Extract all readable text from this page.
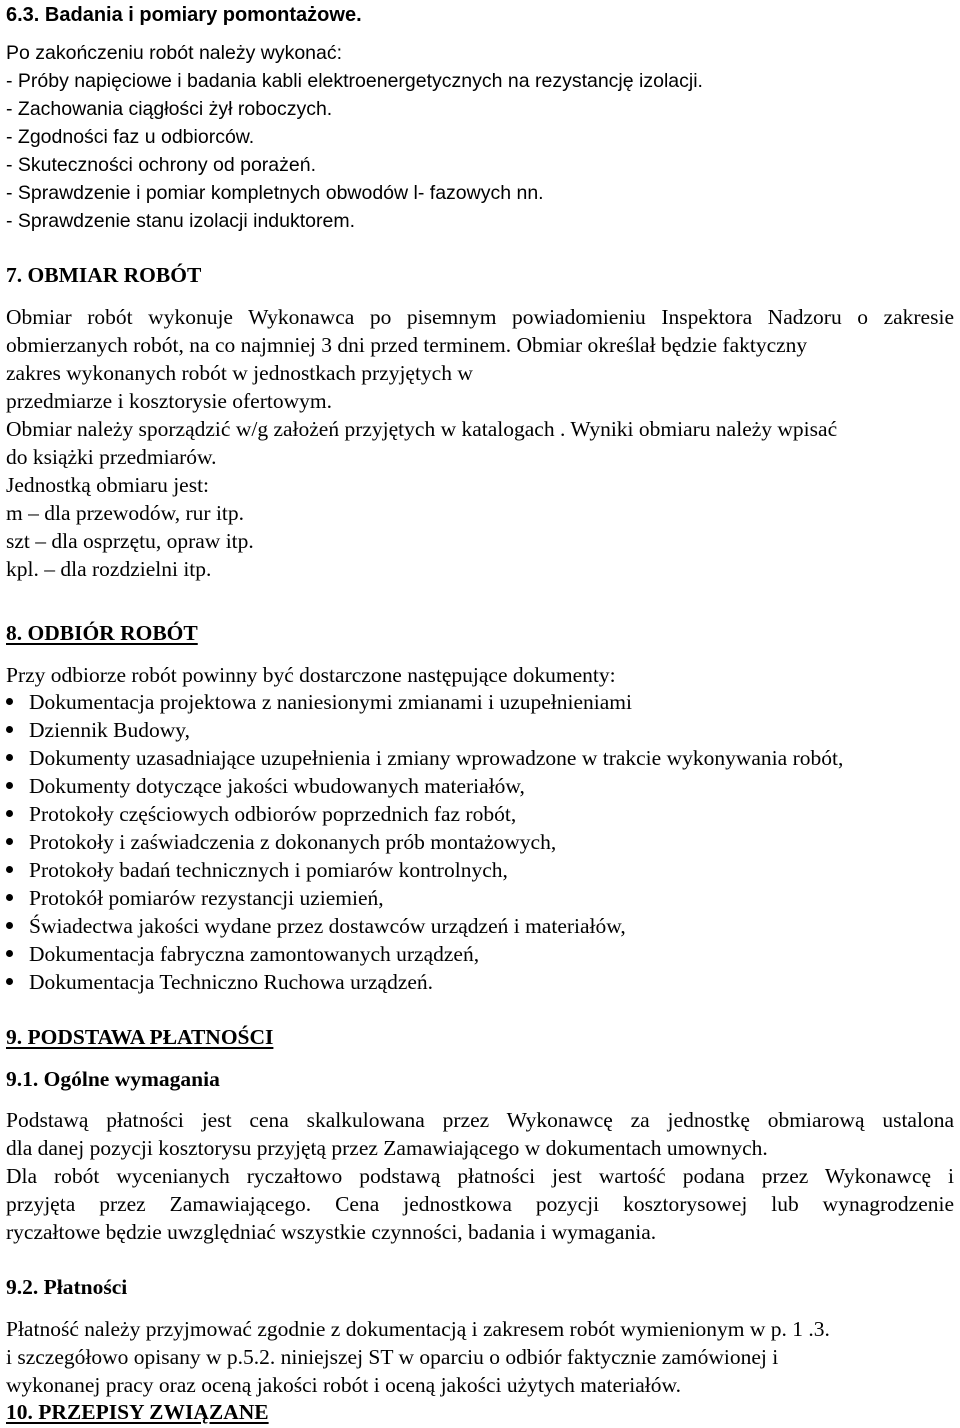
6.3. Badania i pomiary pomontażowe.
Po zakończeniu robót należy wykonać:
- Próby napięciowe i badania kabli elektroenergetycznych na rezystancję izolacji.
- Zachowania ciągłości żył roboczych.
- Zgodności faz u odbiorców.
- Skuteczności ochrony od porażeń.
- Sprawdzenie i pomiar kompletnych obwodów l- fazowych nn.
- Sprawdzenie stanu izolacji induktorem.
7. OBMIAR ROBÓT
Obmiar robót wykonuje Wykonawca po pisemnym powiadomieniu Inspektora Nadzoru o zakresie
obmierzanych robót, na co najmniej 3 dni przed terminem. Obmiar określał będzie faktyczny
zakres wykonanych robót w jednostkach przyjętych w
przedmiarze i kosztorysie ofertowym.
Obmiar należy sporządzić w/g założeń przyjętych w katalogach . Wyniki obmiaru należy wpisać
do książki przedmiarów.
Jednostką obmiaru jest:
m – dla przewodów, rur itp.
szt – dla osprzętu, opraw itp.
kpl. – dla rozdzielni itp.
8. ODBIÓR ROBÓT
Przy odbiorze robót powinny być dostarczone następujące dokumenty:
Dokumentacja projektowa z naniesionymi zmianami i uzupełnieniami
Dziennik Budowy,
Dokumenty uzasadniające uzupełnienia i zmiany wprowadzone w trakcie wykonywania robót,
Dokumenty dotyczące jakości wbudowanych materiałów,
Protokoły częściowych odbiorów poprzednich faz robót,
Protokoły i zaświadczenia z dokonanych prób montażowych,
Protokoły badań technicznych i pomiarów kontrolnych,
Protokół pomiarów rezystancji uziemień,
Świadectwa jakości wydane przez dostawców urządzeń i materiałów,
Dokumentacja fabryczna zamontowanych urządzeń,
Dokumentacja Techniczno Ruchowa urządzeń.
9. PODSTAWA PŁATNOŚCI
9.1. Ogólne wymagania
Podstawą płatności jest cena skalkulowana przez Wykonawcę za jednostkę obmiarową ustalona
dla danej pozycji kosztorysu przyjętą przez Zamawiającego w dokumentach umownych.
Dla robót wycenianych ryczałtowo podstawą płatności jest wartość podana przez Wykonawcę i
przyjęta przez Zamawiającego. Cena jednostkowa pozycji kosztorysowej lub wynagrodzenie
ryczałtowe będzie uwzględniać wszystkie czynności, badania i wymagania.
9.2. Płatności
Płatność należy przyjmować zgodnie z dokumentacją i zakresem robót wymienionym w p. 1 .3.
i szczegółowo opisany w p.5.2. niniejszej ST w oparciu o odbiór faktycznie zamówionej i
wykonanej pracy oraz oceną jakości robót i oceną jakości użytych materiałów.
10. PRZEPISY ZWIĄZANE
